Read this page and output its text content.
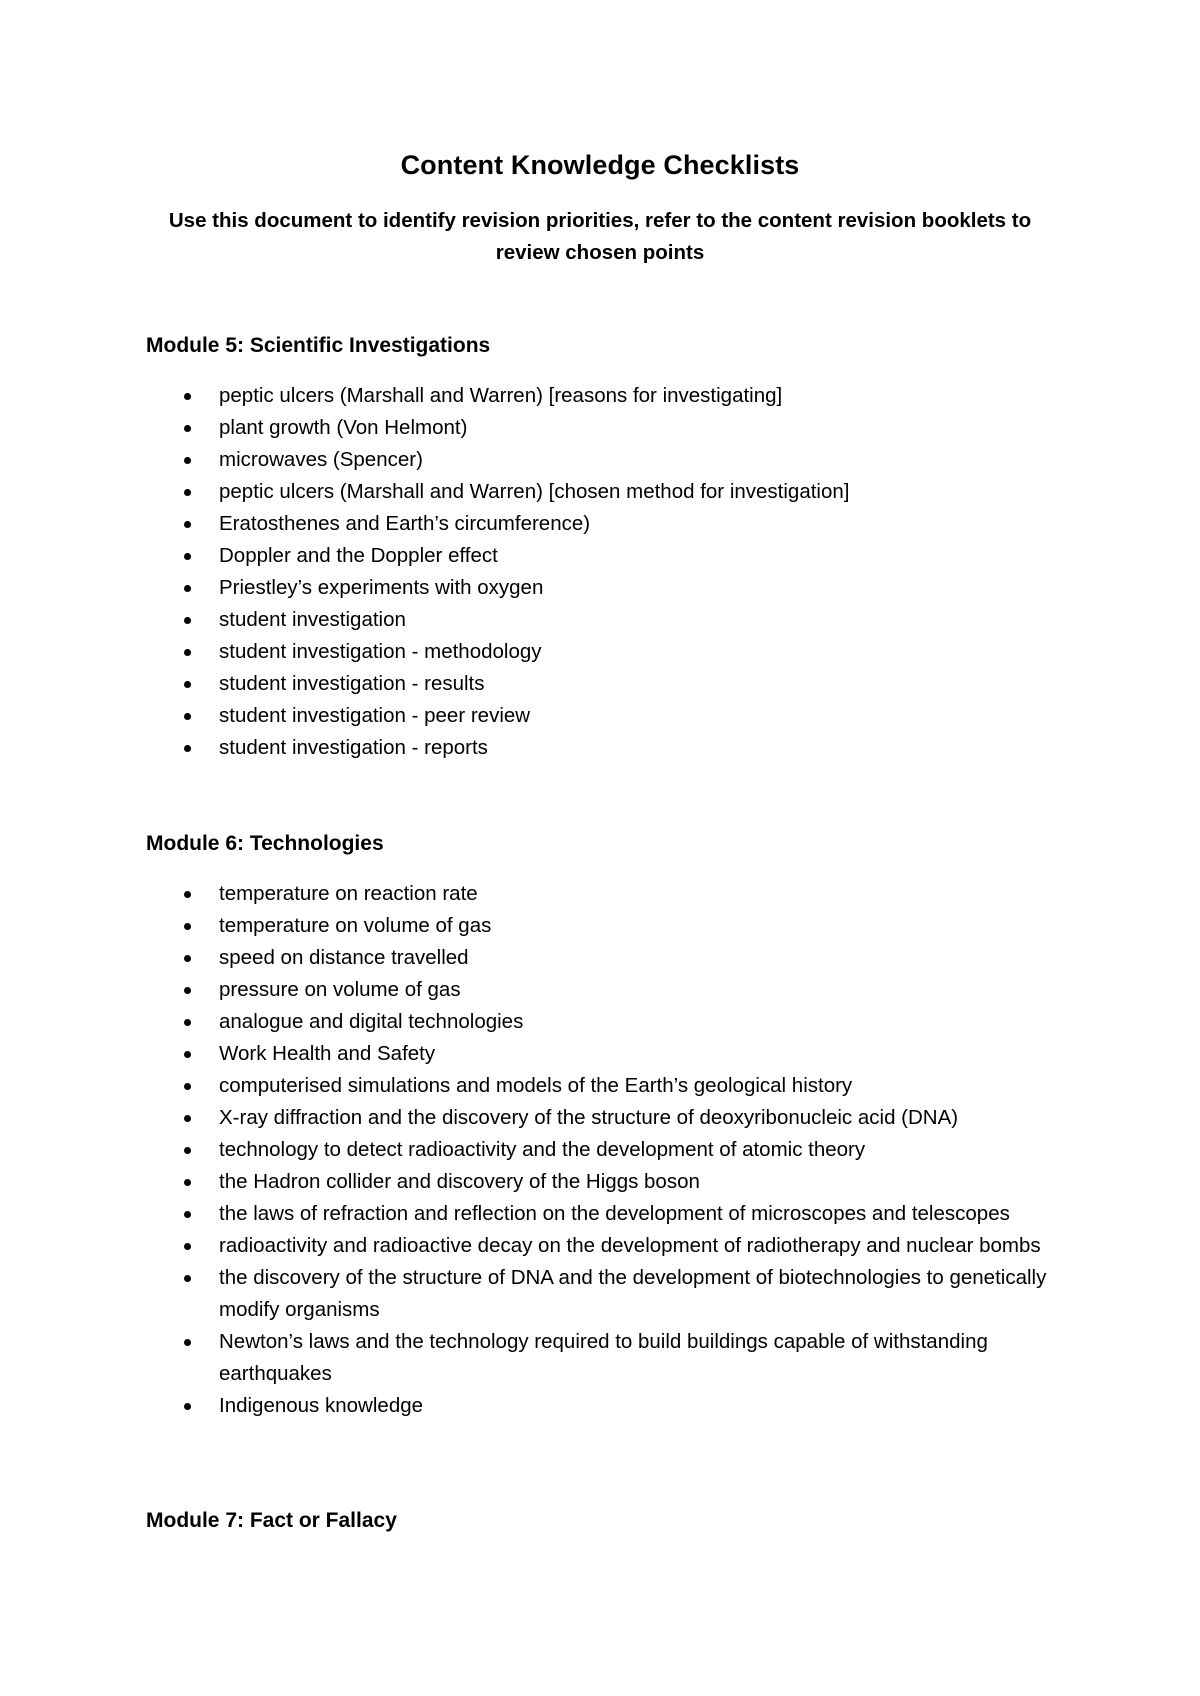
Content Knowledge Checklists

Use this document to identify revision priorities, refer to the content revision booklets to review chosen points

Module 5: Scientific Investigations
peptic ulcers (Marshall and Warren) [reasons for investigating]
plant growth (Von Helmont)
microwaves (Spencer)
peptic ulcers (Marshall and Warren) [chosen method for investigation]
Eratosthenes and Earth’s circumference)
Doppler and the Doppler effect
Priestley’s experiments with oxygen
student investigation
student investigation - methodology
student investigation - results
student investigation - peer review
student investigation - reports
Module 6: Technologies
temperature on reaction rate
temperature on volume of gas
speed on distance travelled
pressure on volume of gas
analogue and digital technologies
Work Health and Safety
computerised simulations and models of the Earth’s geological history
X-ray diffraction and the discovery of the structure of deoxyribonucleic acid (DNA)
technology to detect radioactivity and the development of atomic theory
the Hadron collider and discovery of the Higgs boson
the laws of refraction and reflection on the development of microscopes and telescopes
radioactivity and radioactive decay on the development of radiotherapy and nuclear bombs
the discovery of the structure of DNA and the development of biotechnologies to genetically modify organisms
Newton’s laws and the technology required to build buildings capable of withstanding earthquakes
Indigenous knowledge
Module 7: Fact or Fallacy
